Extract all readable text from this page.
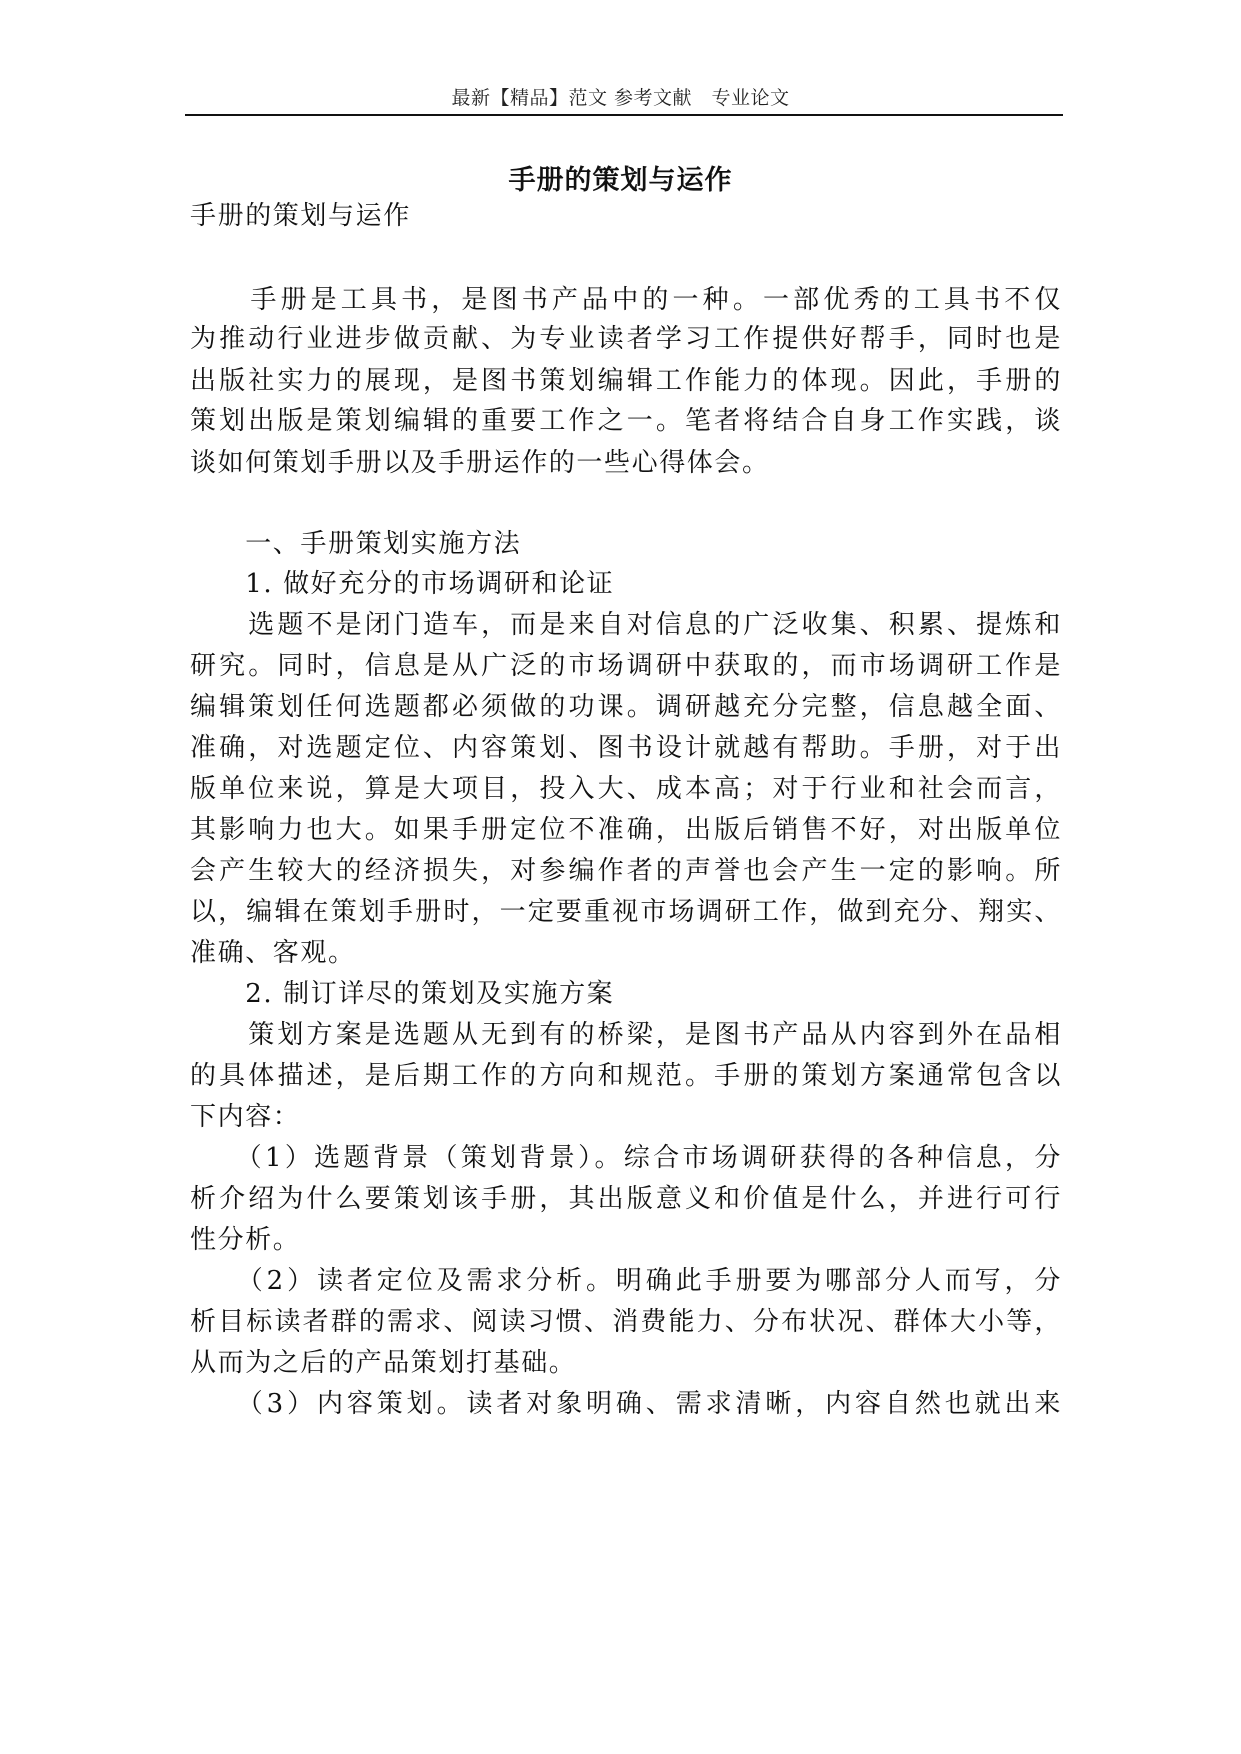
最新【精品】范文 参考文献　专业论文
手册的策划与运作
手册的策划与运作
　　手册是工具书，是图书产品中的一种。一部优秀的工具书不仅
为推动行业进步做贡献、为专业读者学习工作提供好帮手，同时也是
出版社实力的展现，是图书策划编辑工作能力的体现。因此，手册的
策划出版是策划编辑的重要工作之一。笔者将结合自身工作实践，谈
谈如何策划手册以及手册运作的一些心得体会。
　　一、手册策划实施方法
　　1. 做好充分的市场调研和论证
　　选题不是闭门造车，而是来自对信息的广泛收集、积累、提炼和
研究。同时，信息是从广泛的市场调研中获取的，而市场调研工作是
编辑策划任何选题都必须做的功课。调研越充分完整，信息越全面、
准确，对选题定位、内容策划、图书设计就越有帮助。手册，对于出
版单位来说，算是大项目，投入大、成本高；对于行业和社会而言，
其影响力也大。如果手册定位不准确，出版后销售不好，对出版单位
会产生较大的经济损失，对参编作者的声誉也会产生一定的影响。所
以，编辑在策划手册时，一定要重视市场调研工作，做到充分、翔实、
准确、客观。
　　2. 制订详尽的策划及实施方案
　　策划方案是选题从无到有的桥梁，是图书产品从内容到外在品相
的具体描述，是后期工作的方向和规范。手册的策划方案通常包含以
下内容：
　　（1）选题背景（策划背景）。综合市场调研获得的各种信息，分
析介绍为什么要策划该手册，其出版意义和价值是什么，并进行可行
性分析。
　　（2）读者定位及需求分析。明确此手册要为哪部分人而写，分
析目标读者群的需求、阅读习惯、消费能力、分布状况、群体大小等，
从而为之后的产品策划打基础。
　　（3）内容策划。读者对象明确、需求清晰，内容自然也就出来
